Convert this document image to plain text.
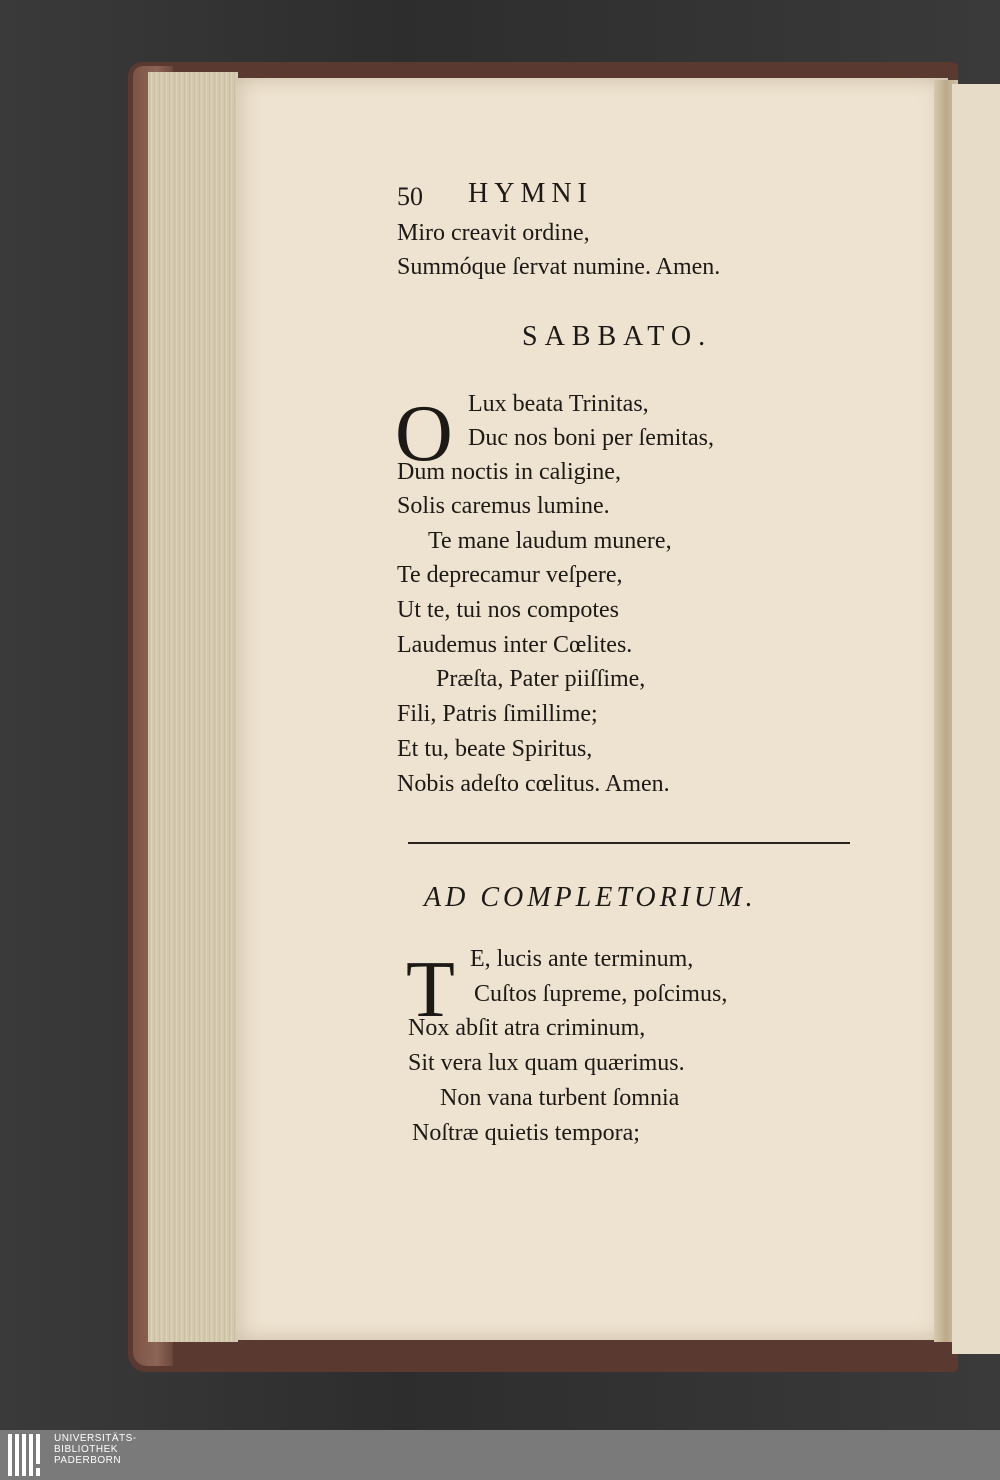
50 HYMNI
Miro creavit ordine,
Summóque ſervat numine. Amen.
SABBATO.
O Lux beata Trinitas,
Duc nos boni per ſemitas,
Dum noctis in caligine,
Solis caremus lumine.
Te mane laudum munere,
Te deprecamur veſpere,
Ut te, tui nos compotes
Laudemus inter Cœlites.
Præſta, Pater piiſſime,
Fili, Patris ſimillime;
Et tu, beate Spiritus,
Nobis adeſto cœlitus. Amen.
AD COMPLETORIUM.
T E, lucis ante terminum,
Cuſtos ſupreme, poſcimus,
Nox abſit atra criminum,
Sit vera lux quam quærimus.
Non vana turbent ſomnia
Noſtræ quietis tempora;
UNIVERSITÄTS-
BIBLIOTHEK
PADERBORN
